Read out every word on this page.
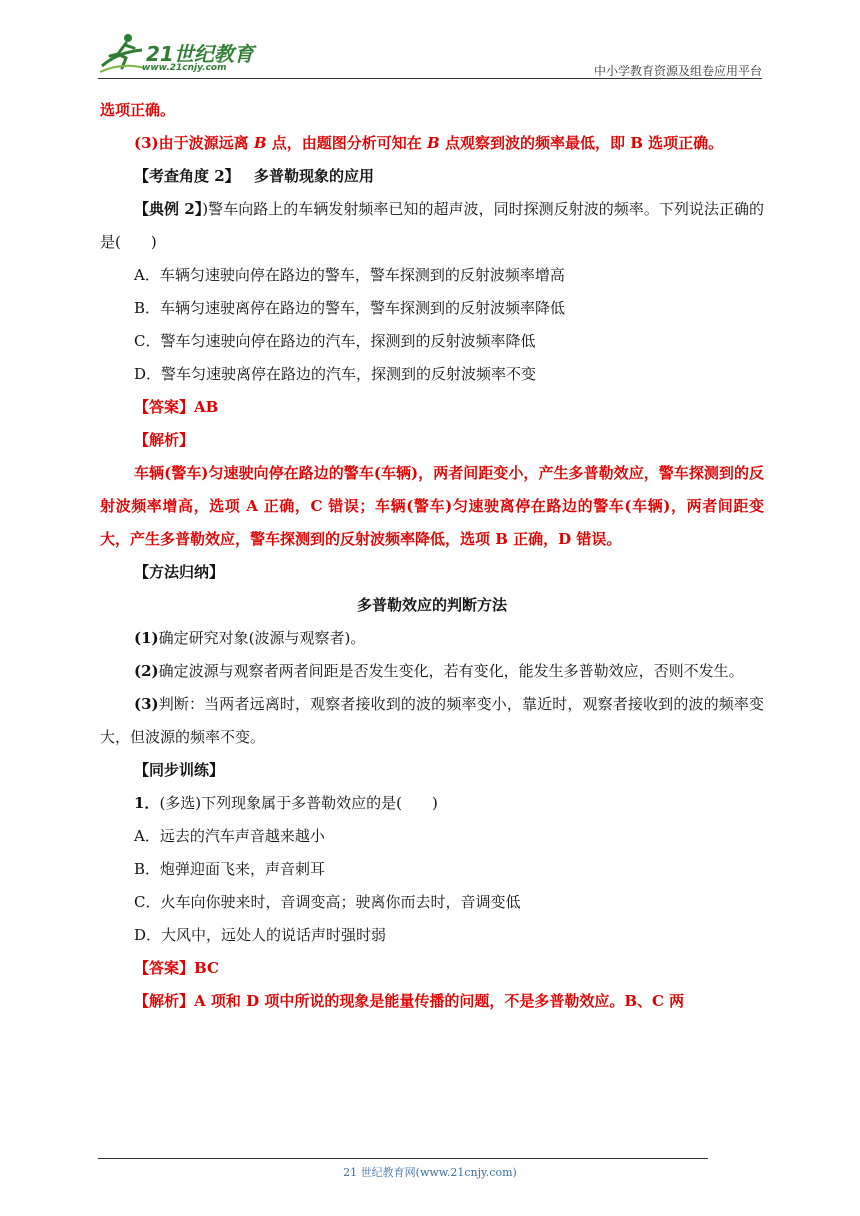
21世纪教育
www.21cnjy.com	中小学教育资源及组卷应用平台

选项正确。

(3)由于波源远离 B 点，由题图分析可知在 B 点观察到波的频率最低，即 B 选项正确。

【考查角度 2】 多普勒现象的应用

【典例 2】)警车向路上的车辆发射频率已知的超声波，同时探测反射波的频率。下列说法正确的是(　　)

A．车辆匀速驶向停在路边的警车，警车探测到的反射波频率增高

B．车辆匀速驶离停在路边的警车，警车探测到的反射波频率降低

C．警车匀速驶向停在路边的汽车，探测到的反射波频率降低

D．警车匀速驶离停在路边的汽车，探测到的反射波频率不变

【答案】AB

【解析】

车辆(警车)匀速驶向停在路边的警车(车辆)，两者间距变小，产生多普勒效应，警车探测到的反射波频率增高，选项 A 正确，C 错误；车辆(警车)匀速驶离停在路边的警车(车辆)，两者间距变大，产生多普勒效应，警车探测到的反射波频率降低，选项 B 正确，D 错误。

【方法归纳】

多普勒效应的判断方法

(1)确定研究对象(波源与观察者)。

(2)确定波源与观察者两者间距是否发生变化，若有变化，能发生多普勒效应，否则不发生。

(3)判断：当两者远离时，观察者接收到的波的频率变小，靠近时，观察者接收到的波的频率变大，但波源的频率不变。

【同步训练】

1．(多选)下列现象属于多普勒效应的是(　　)

A．远去的汽车声音越来越小

B．炮弹迎面飞来，声音刺耳

C．火车向你驶来时，音调变高；驶离你而去时，音调变低

D．大风中，远处人的说话声时强时弱

【答案】BC

【解析】A 项和 D 项中所说的现象是能量传播的问题，不是多普勒效应。B、C 两

21 世纪教育网(www.21cnjy.com)
